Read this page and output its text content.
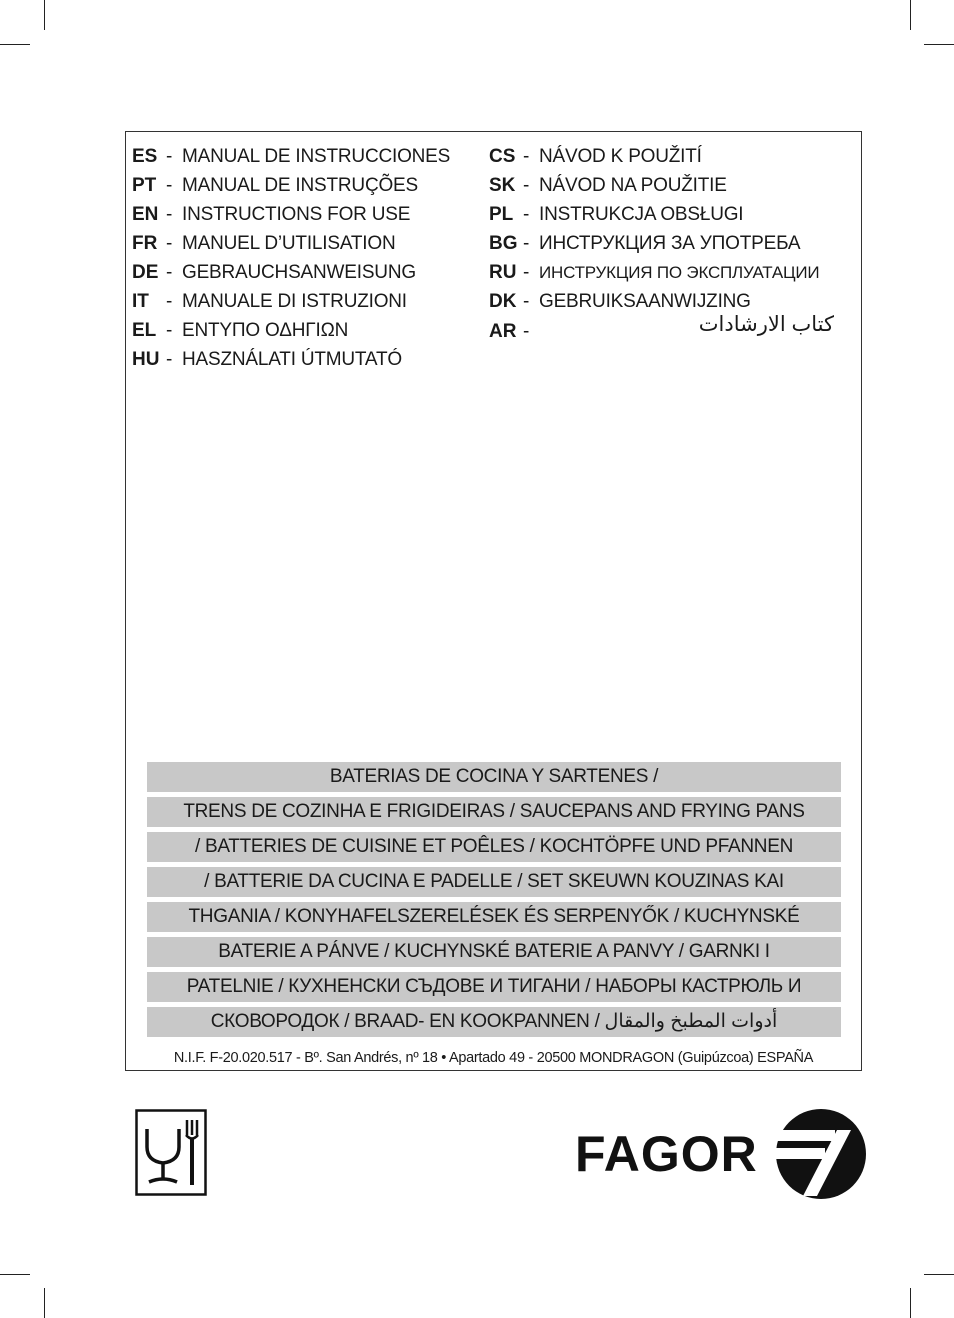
ES - MANUAL DE INSTRUCCIONES
PT - MANUAL DE INSTRUÇÕES
EN - INSTRUCTIONS FOR USE
FR - MANUEL D’UTILISATION
DE - GEBRAUCHSANWEISUNG
IT - MANUALE DI ISTRUZIONI
EL - ΕΝΤΥΠΟ ΟΔΗΓΙΩΝ
HU - HASZNÁLATI ÚTMUTATÓ
CS - NÁVOD K POUŽITÍ
SK - NÁVOD NA POUŽITIE
PL - INSTRUKCJA OBSŁUGI
BG - ИНСТРУКЦИЯ ЗА УПОТРЕБА
RU - ИНСТРУКЦИЯ ПО ЭКСПЛУАТАЦИИ
DK - GEBRUIKSAANWIJZING
AR -	كتاب الارشادات
BATERIAS DE COCINA Y SARTENES /
TRENS DE COZINHA E FRIGIDEIRAS / SAUCEPANS AND FRYING PANS
/ BATTERIES DE CUISINE ET POÊLES / KOCHTÖPFE UND PFANNEN
/ BATTERIE DA CUCINA E PADELLE / SET SKEUWN KOUZINAS KAI
THGANIA / KONYHAFELSZERELÉSEK ÉS SERPENYŐK / KUCHYNSKÉ
BATERIE A PÁNVE / KUCHYNSKÉ BATERIE A PANVY / GARNKI I
PATELNIE / КУХНЕНСКИ СЪДОВЕ И ТИГАНИ / НАБОРЫ КАСТРЮЛЬ И
СКОВОРОДОК / BRAAD- EN KOOKPANNEN / أدوات المطبخ والمقال
N.I.F. F-20.020.517 - Bº. San Andrés, nº 18 • Apartado 49 - 20500 MONDRAGON (Guipúzcoa) ESPAÑA
FAGOR
